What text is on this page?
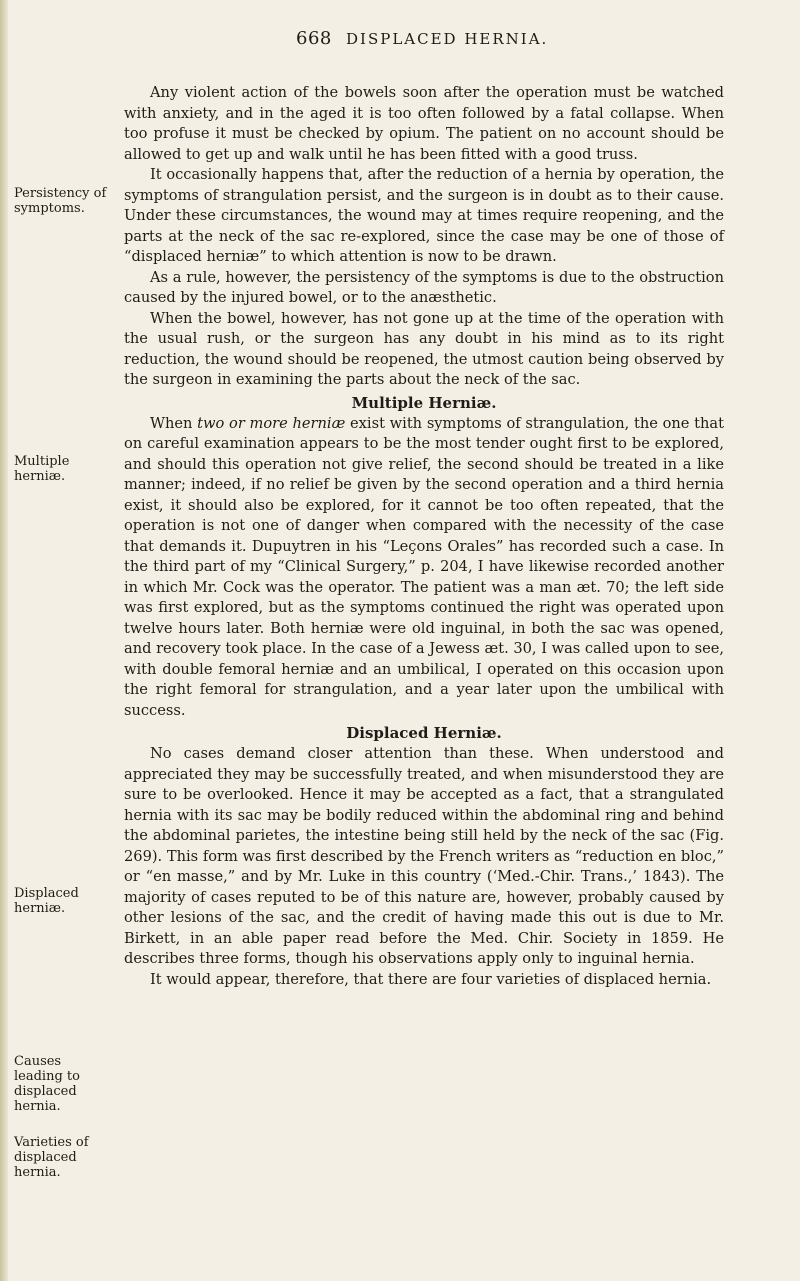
668 DISPLACED HERNIA.
Persistency of symptoms.
Multiple herniæ.
Displaced herniæ.
Causes leading to displaced hernia.
Varieties of displaced hernia.

Any violent action of the bowels soon after the operation must be watched with anxiety, and in the aged it is too often followed by a fatal collapse. When too profuse it must be checked by opium. The patient on no account should be allowed to get up and walk until he has been fitted with a good truss.

It occasionally happens that, after the reduction of a hernia by operation, the symptoms of strangulation persist, and the surgeon is in doubt as to their cause. Under these circumstances, the wound may at times require reopening, and the parts at the neck of the sac re-explored, since the case may be one of those of “displaced herniæ” to which attention is now to be drawn.

As a rule, however, the persistency of the symptoms is due to the obstruction caused by the injured bowel, or to the anæsthetic.

When the bowel, however, has not gone up at the time of the operation with the usual rush, or the surgeon has any doubt in his mind as to its right reduction, the wound should be reopened, the utmost caution being observed by the surgeon in examining the parts about the neck of the sac.

Multiple Herniæ.

When two or more herniæ exist with symptoms of strangulation, the one that on careful examination appears to be the most tender ought first to be explored, and should this operation not give relief, the second should be treated in a like manner; indeed, if no relief be given by the second operation and a third hernia exist, it should also be explored, for it cannot be too often repeated, that the operation is not one of danger when compared with the necessity of the case that demands it. Dupuytren in his “Leçons Orales” has recorded such a case. In the third part of my “Clinical Surgery,” p. 204, I have likewise recorded another in which Mr. Cock was the operator. The patient was a man æt. 70; the left side was first explored, but as the symptoms continued the right was operated upon twelve hours later. Both herniæ were old inguinal, in both the sac was opened, and recovery took place. In the case of a Jewess æt. 30, I was called upon to see, with double femoral herniæ and an umbilical, I operated on this occasion upon the right femoral for strangulation, and a year later upon the umbilical with success.

Displaced Herniæ.

No cases demand closer attention than these. When understood and appreciated they may be successfully treated, and when misunderstood they are sure to be overlooked. Hence it may be accepted as a fact, that a strangulated hernia with its sac may be bodily reduced within the abdominal ring and behind the abdominal parietes, the intestine being still held by the neck of the sac (Fig. 269). This form was first described by the French writers as “reduction en bloc,” or “en masse,” and by Mr. Luke in this country (‘Med.-Chir. Trans.,’ 1843). The majority of cases reputed to be of this nature are, however, probably caused by other lesions of the sac, and the credit of having made this out is due to Mr. Birkett, in an able paper read before the Med. Chir. Society in 1859. He describes three forms, though his observations apply only to inguinal hernia.

It would appear, therefore, that there are four varieties of displaced hernia.
